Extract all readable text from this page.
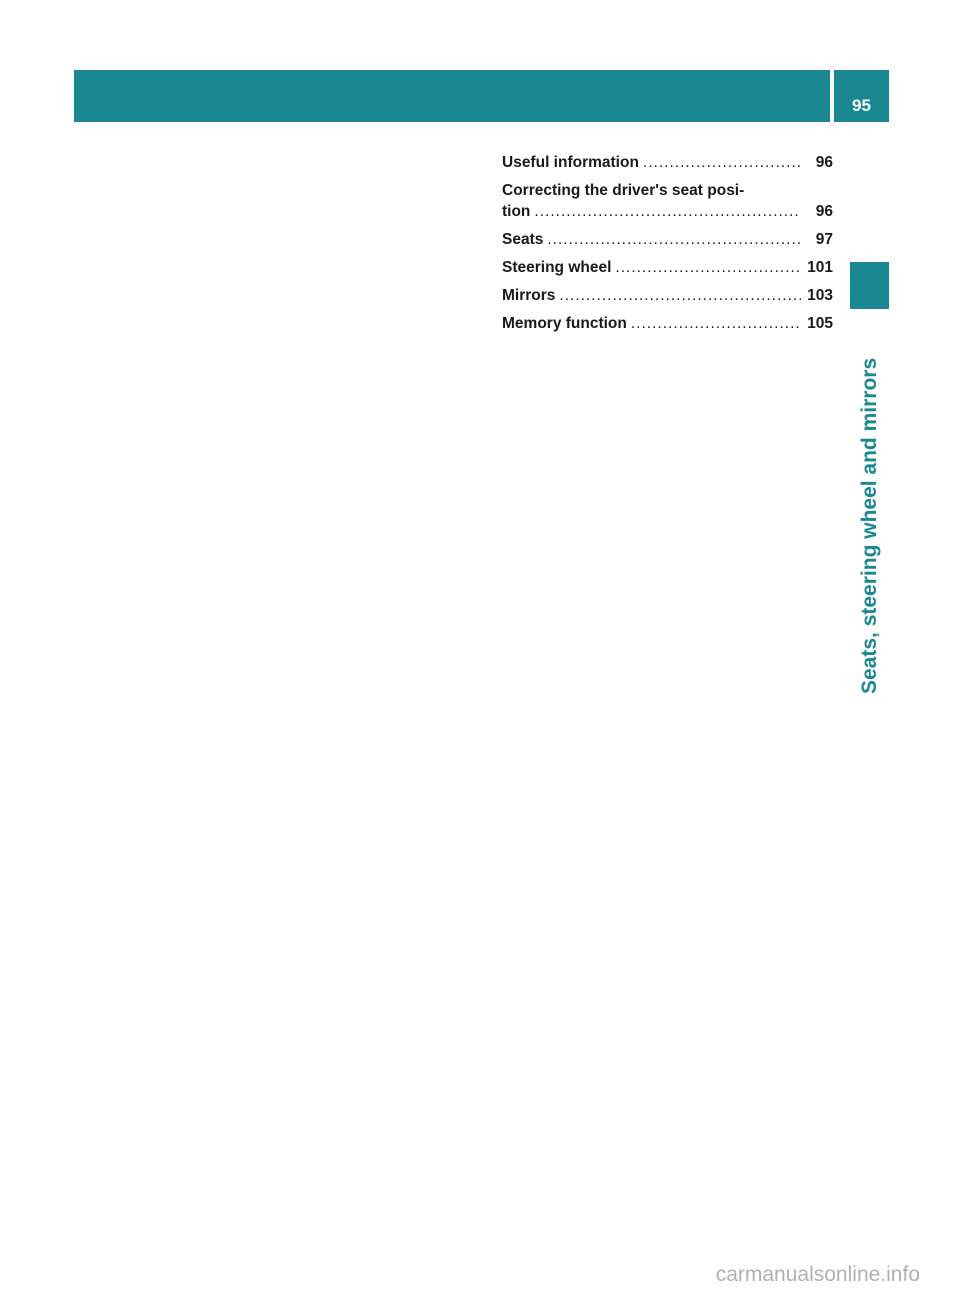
95
Seats, steering wheel and mirrors
Useful information .....	96
Correcting the driver's seat posi-
tion .....	96
Seats .....	97
Steering wheel .....	101
Mirrors .....	103
Memory function .....	105
carmanualsonline.info
